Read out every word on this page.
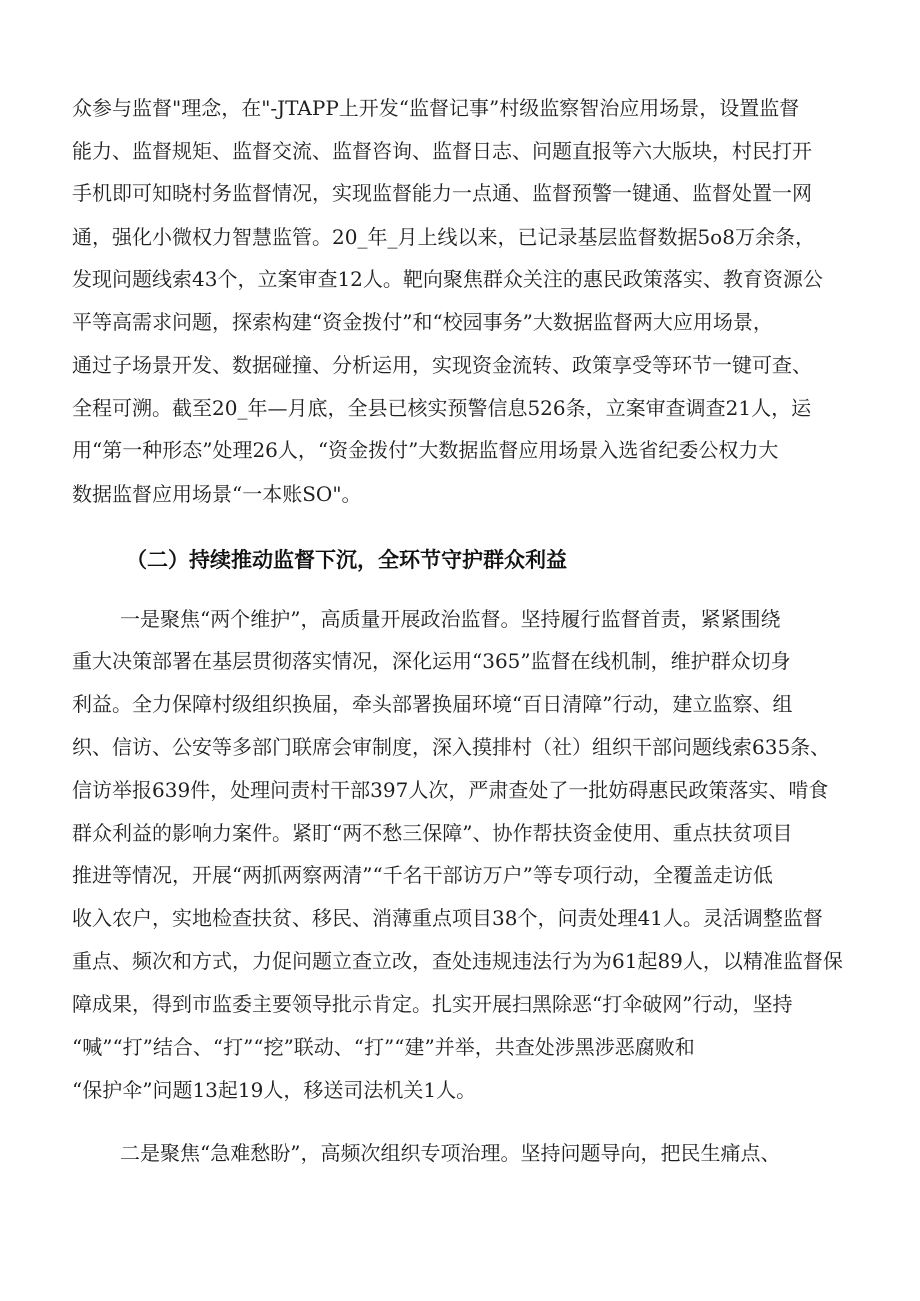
众参与监督"理念，在"-JTAPP上开发“监督记事”村级监察智治应用场景，设置监督

能力、监督规矩、监督交流、监督咨询、监督日志、问题直报等六大版块，村民打开

手机即可知晓村务监督情况，实现监督能力一点通、监督预警一键通、监督处置一网

通，强化小微权力智慧监管。20_年_月上线以来，已记录基层监督数据5o8万余条，

发现问题线索43个，立案审查12人。靶向聚焦群众关注的惠民政策落实、教育资源公

平等高需求问题，探索构建“资金拨付”和“校园事务”大数据监督两大应用场景，

通过子场景开发、数据碰撞、分析运用，实现资金流转、政策享受等环节一键可查、

全程可溯。截至20_年—月底，全县已核实预警信息526条，立案审查调查21人，运

用“第一种形态”处理26人，“资金拨付”大数据监督应用场景入选省纪委公权力大

数据监督应用场景“一本账SO"。

（二）持续推动监督下沉，全环节守护群众利益

一是聚焦“两个维护”，高质量开展政治监督。坚持履行监督首责，紧紧围绕

重大决策部署在基层贯彻落实情况，深化运用“365”监督在线机制，维护群众切身

利益。全力保障村级组织换届，牵头部署换届环境“百日清障”行动，建立监察、组

织、信访、公安等多部门联席会审制度，深入摸排村（社）组织干部问题线索635条、

信访举报639件，处理问责村干部397人次，严肃查处了一批妨碍惠民政策落实、啃食

群众利益的影响力案件。紧盯“两不愁三保障”、协作帮扶资金使用、重点扶贫项目

推进等情况，开展“两抓两察两清”“千名干部访万户”等专项行动，全覆盖走访低

收入农户，实地检查扶贫、移民、消薄重点项目38个，问责处理41人。灵活调整监督

重点、频次和方式，力促问题立查立改，查处违规违法行为为61起89人，以精准监督保

障成果，得到市监委主要领导批示肯定。扎实开展扫黑除恶“打伞破网”行动，坚持

“喊”“打”结合、“打”“挖”联动、“打”“建”并举，共查处涉黑涉恶腐败和

“保护伞”问题13起19人，移送司法机关1人。

二是聚焦“急难愁盼”，高频次组织专项治理。坚持问题导向，把民生痛点、
